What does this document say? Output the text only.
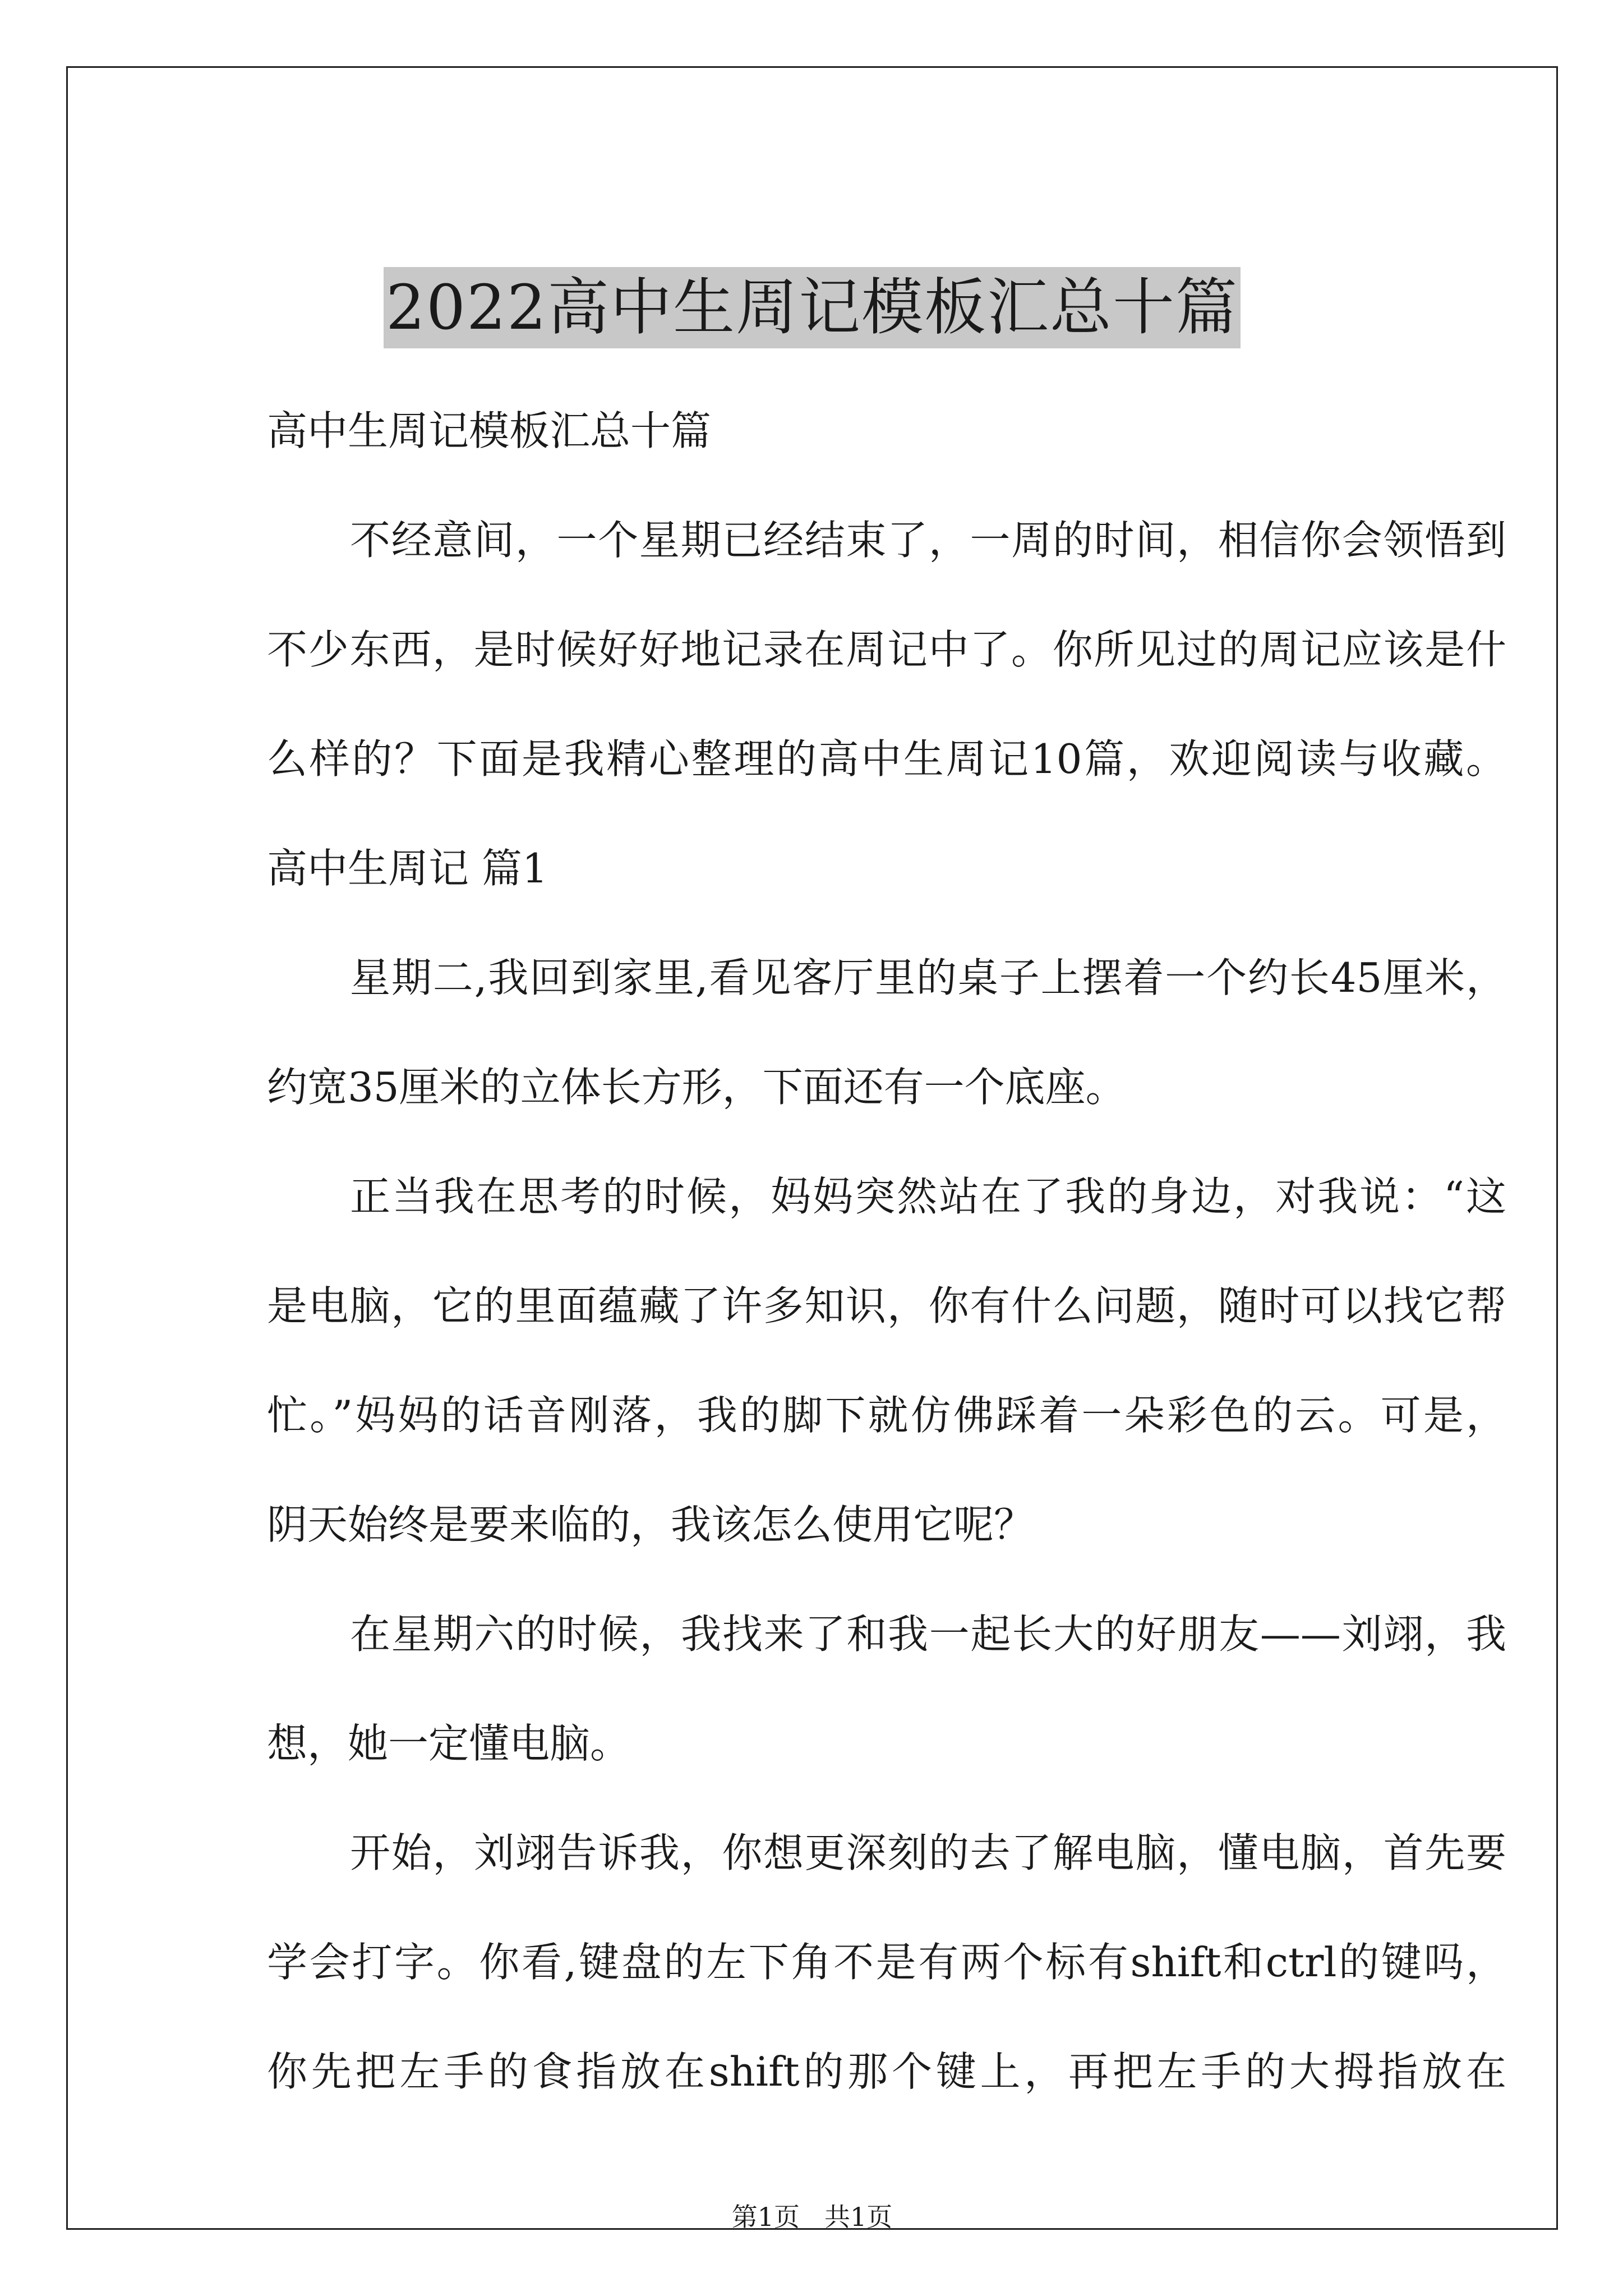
2022高中生周记模板汇总十篇
高中生周记模板汇总十篇
不经意间，一个星期已经结束了，一周的时间，相信你会领悟到
不少东西，是时候好好地记录在周记中了。你所见过的周记应该是什
么样的？下面是我精心整理的高中生周记10篇，欢迎阅读与收藏。
高中生周记 篇1
星期二,我回到家里,看见客厅里的桌子上摆着一个约长45厘米，
约宽35厘米的立体长方形，下面还有一个底座。
正当我在思考的时候，妈妈突然站在了我的身边，对我说：“这
是电脑，它的里面蕴藏了许多知识，你有什么问题，随时可以找它帮
忙。”妈妈的话音刚落，我的脚下就仿佛踩着一朵彩色的云。可是，
阴天始终是要来临的，我该怎么使用它呢？
在星期六的时候，我找来了和我一起长大的好朋友——刘翊，我
想，她一定懂电脑。
开始，刘翊告诉我，你想更深刻的去了解电脑，懂电脑，首先要
学会打字。你看,键盘的左下角不是有两个标有shift和ctrl的键吗，
你先把左手的食指放在shift的那个键上，再把左手的大拇指放在
第1页 共1页
